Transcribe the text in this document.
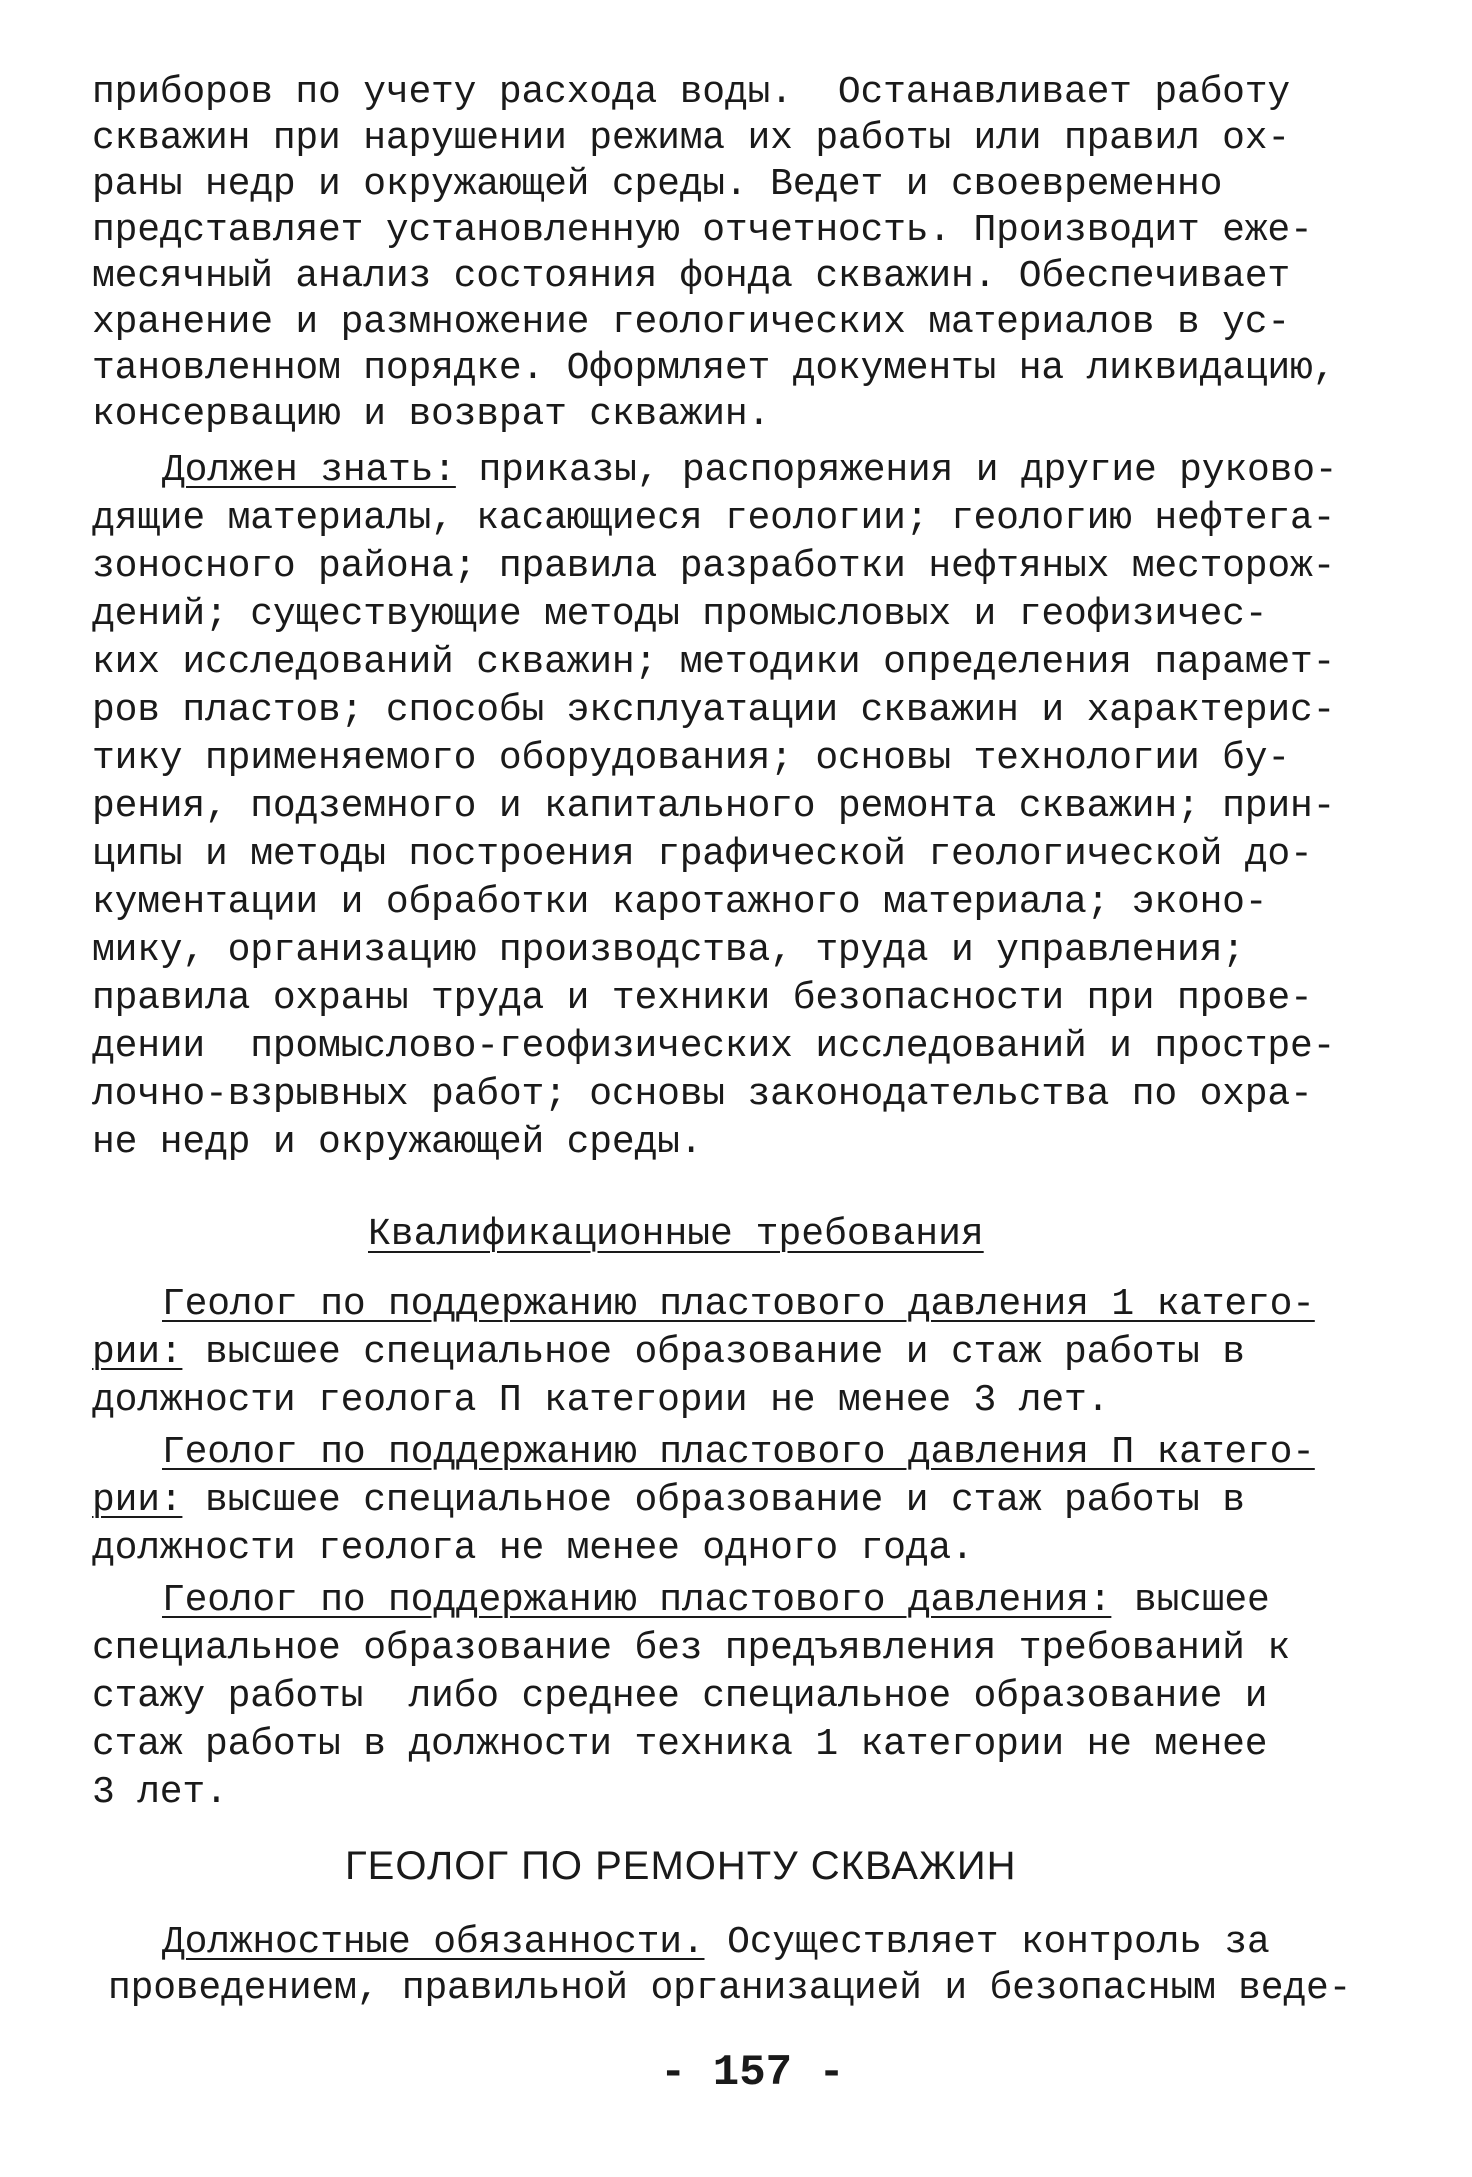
приборов по учету расхода воды.  Останавливает работу
скважин при нарушении режима их работы или правил ох-
раны недр и окружающей среды. Ведет и своевременно
представляет установленную отчетность. Производит еже-
месячный анализ состояния фонда скважин. Обеспечивает
хранение и размножение геологических материалов в ус-
тановленном порядке. Оформляет документы на ликвидацию,
консервацию и возврат скважин.
Должен знать: приказы, распоряжения и другие руково-
дящие материалы, касающиеся геологии; геологию нефтега-
зоносного района; правила разработки нефтяных месторож-
дений; существующие методы промысловых и геофизичес-
ких исследований скважин; методики определения парамет-
ров пластов; способы эксплуатации скважин и характерис-
тику применяемого оборудования; основы технологии бу-
рения, подземного и капитального ремонта скважин; прин-
ципы и методы построения графической геологической до-
кументации и обработки каротажного материала; эконо-
мику, организацию производства, труда и управления;
правила охраны труда и техники безопасности при прове-
дении  промыслово-геофизических исследований и простре-
лочно-взрывных работ; основы законодательства по охра-
не недр и окружающей среды.
Квалификационные требования
Геолог по поддержанию пластового давления 1 катего-
рии: высшее специальное образование и стаж работы в
должности геолога П категории не менее 3 лет.
Геолог по поддержанию пластового давления П катего-
рии: высшее специальное образование и стаж работы в
должности геолога не менее одного года.
Геолог по поддержанию пластового давления: высшее
специальное образование без предъявления требований к
стажу работы  либо среднее специальное образование и
стаж работы в должности техника 1 категории не менее
3 лет.
ГЕОЛОГ ПО РЕМОНТУ СКВАЖИН
Должностные обязанности. Осуществляет контроль за
проведением, правильной организацией и безопасным веде-
- 157 -
